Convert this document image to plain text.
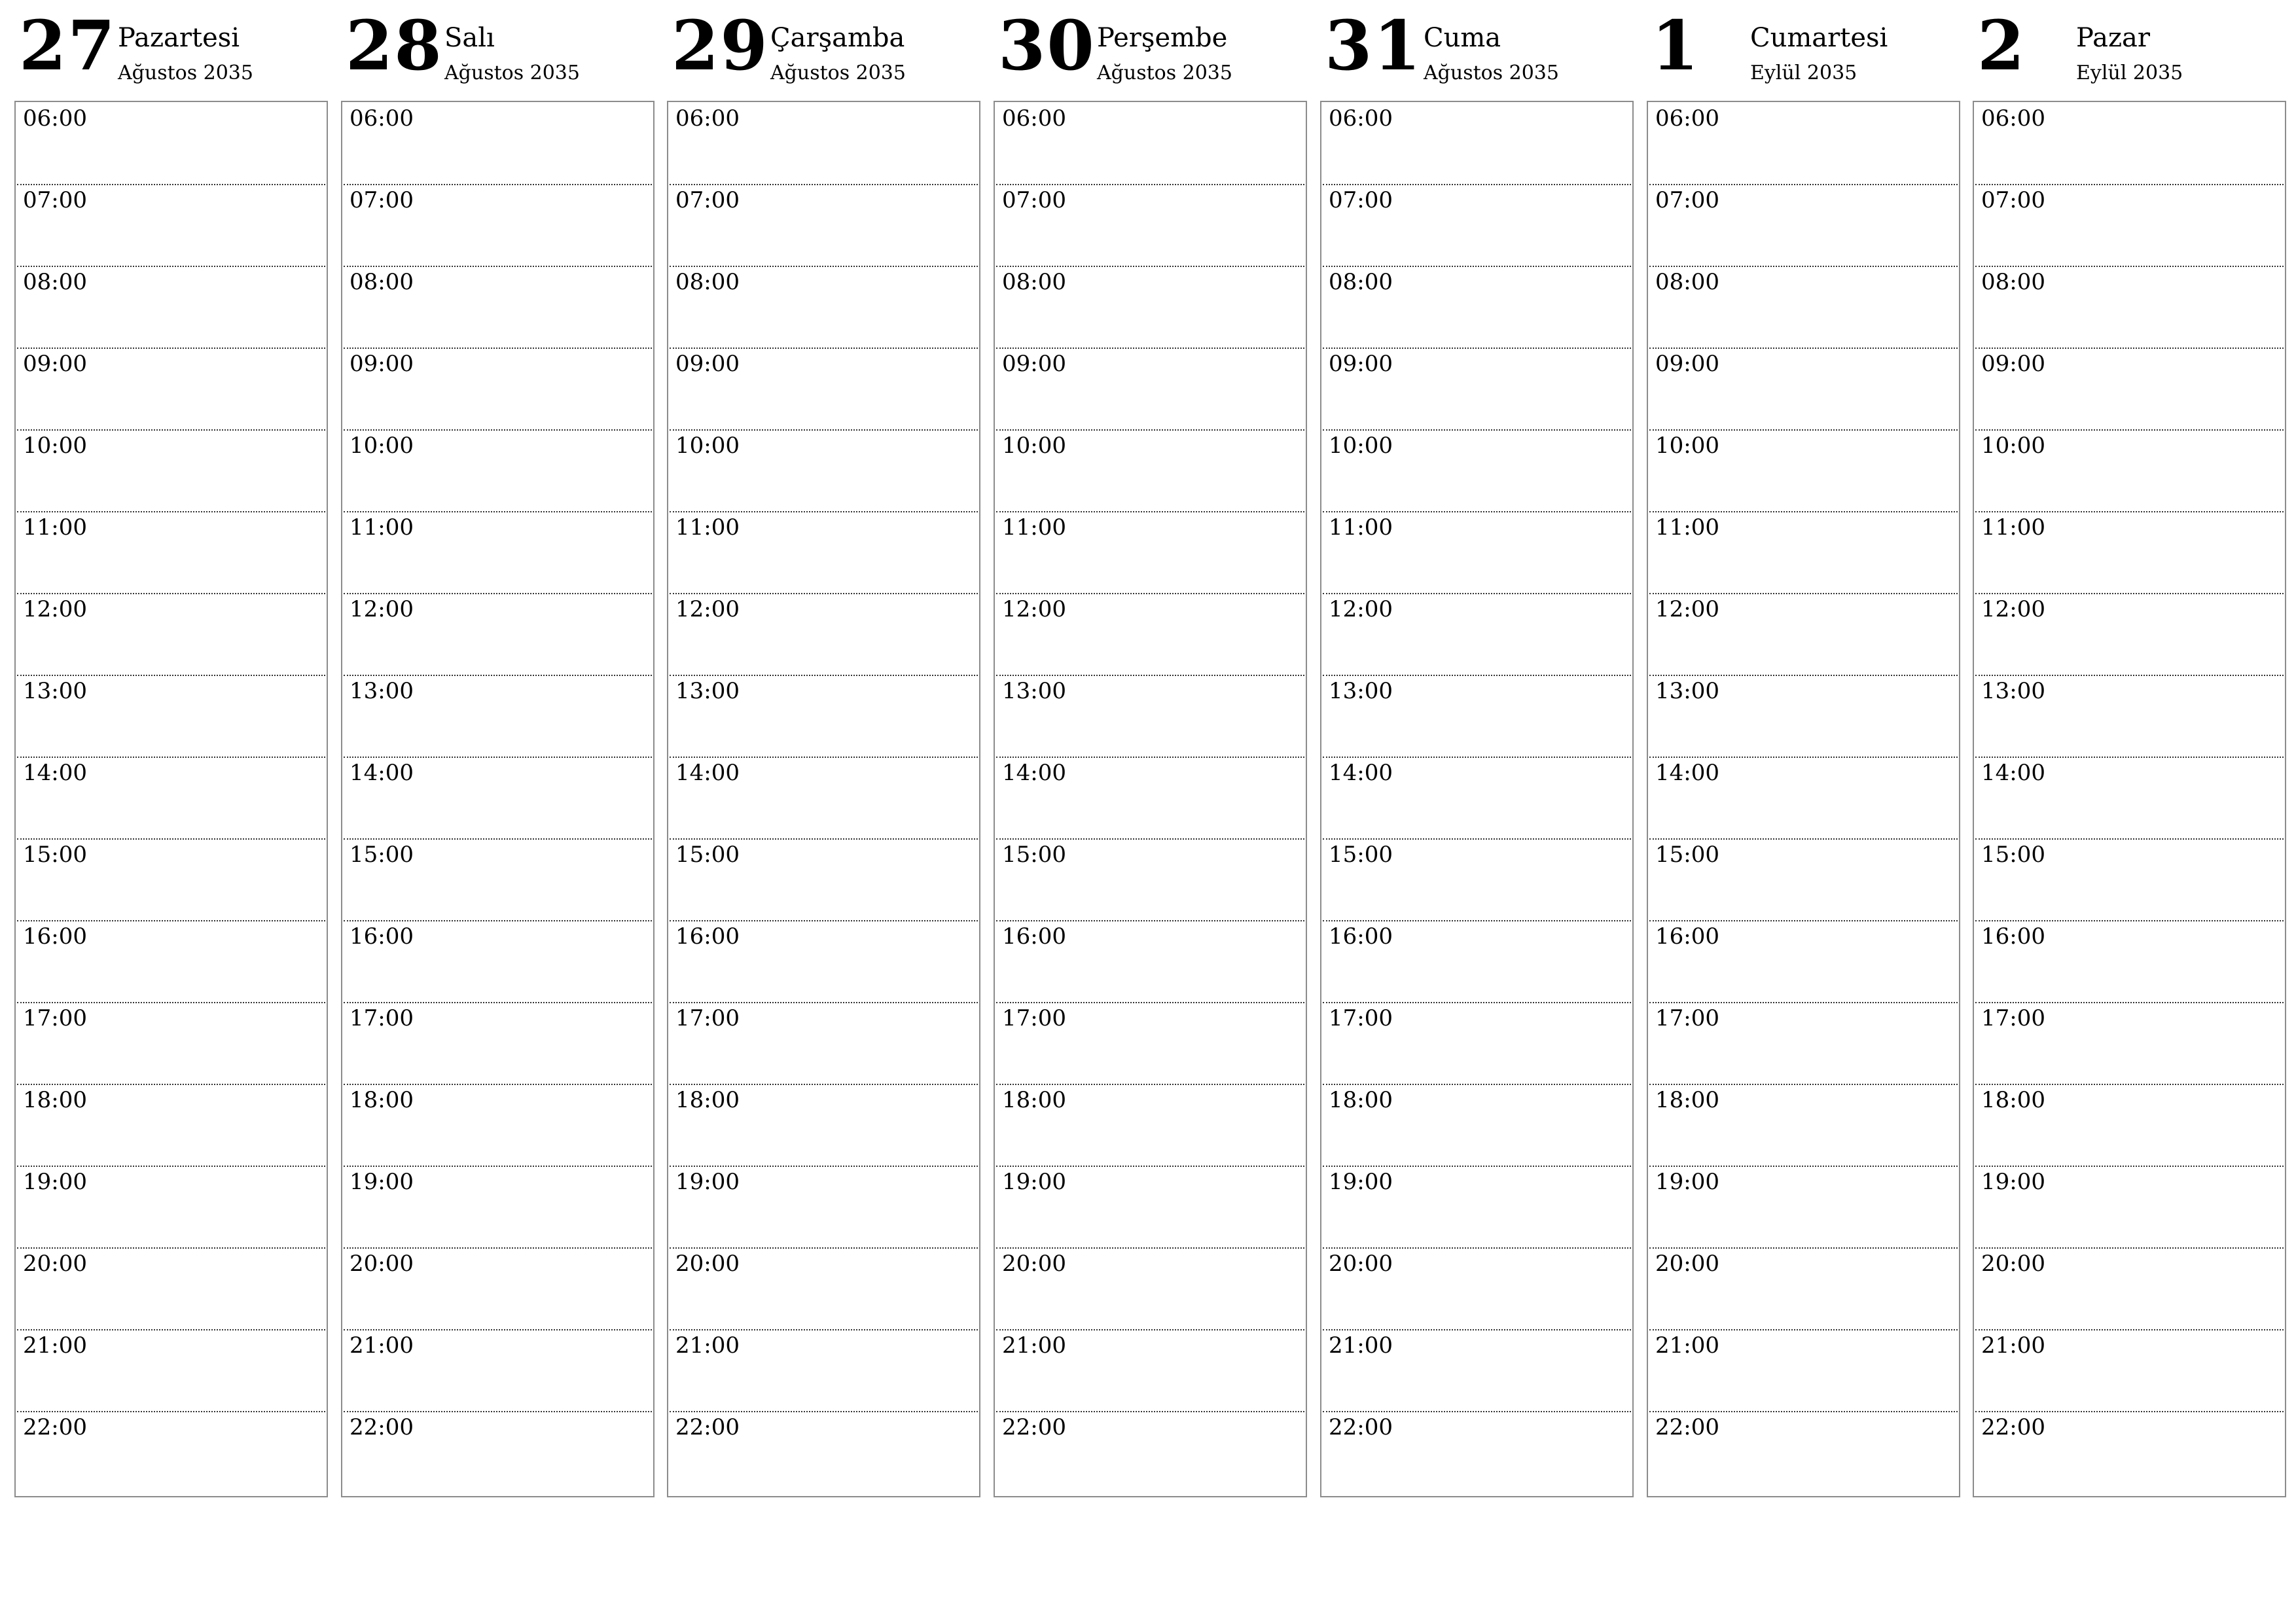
27 Pazartesi
Ağustos 2035
06:00
07:00
08:00
09:00
10:00
11:00
12:00
13:00
14:00
15:00
16:00
17:00
18:00
19:00
20:00
21:00
22:00
28 Salı
Ağustos 2035
06:00
07:00
08:00
09:00
10:00
11:00
12:00
13:00
14:00
15:00
16:00
17:00
18:00
19:00
20:00
21:00
22:00
29 Çarşamba
Ağustos 2035
06:00
07:00
08:00
09:00
10:00
11:00
12:00
13:00
14:00
15:00
16:00
17:00
18:00
19:00
20:00
21:00
22:00
30 Perşembe
Ağustos 2035
06:00
07:00
08:00
09:00
10:00
11:00
12:00
13:00
14:00
15:00
16:00
17:00
18:00
19:00
20:00
21:00
22:00
31 Cuma
Ağustos 2035
06:00
07:00
08:00
09:00
10:00
11:00
12:00
13:00
14:00
15:00
16:00
17:00
18:00
19:00
20:00
21:00
22:00
1 Cumartesi
Eylül 2035
06:00
07:00
08:00
09:00
10:00
11:00
12:00
13:00
14:00
15:00
16:00
17:00
18:00
19:00
20:00
21:00
22:00
2 Pazar
Eylül 2035
06:00
07:00
08:00
09:00
10:00
11:00
12:00
13:00
14:00
15:00
16:00
17:00
18:00
19:00
20:00
21:00
22:00
